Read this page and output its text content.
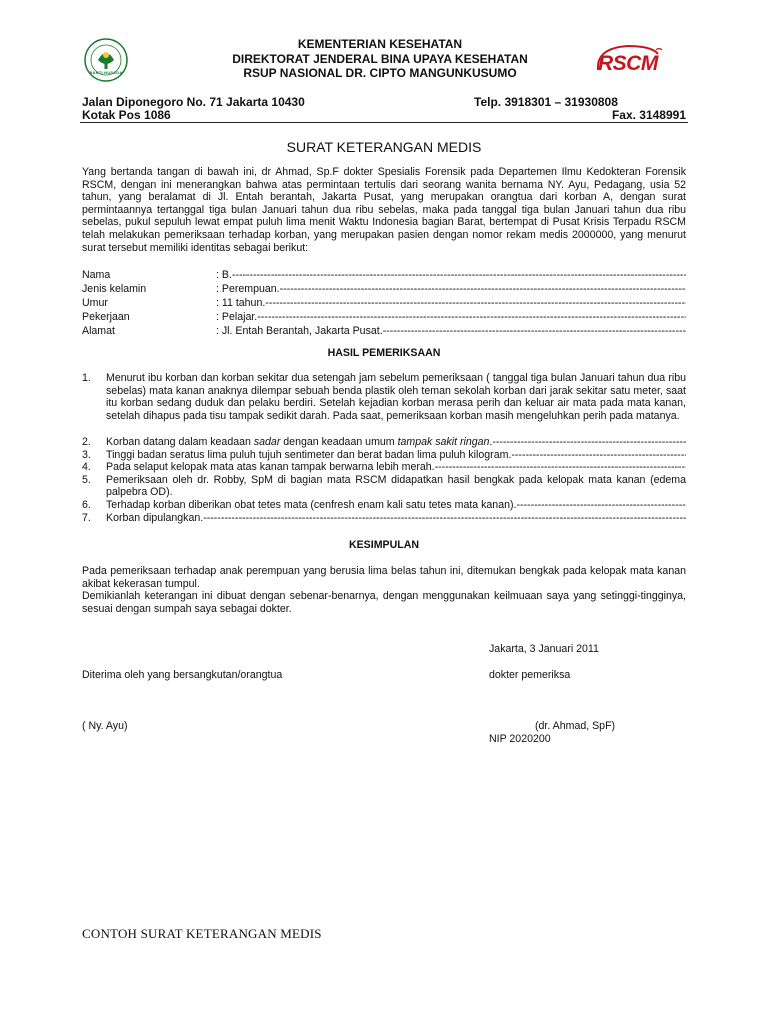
BAKTI HUSADA	RSCM
KEMENTERIAN KESEHATAN
DIREKTORAT JENDERAL BINA UPAYA KESEHATAN
RSUP NASIONAL DR. CIPTO MANGUNKUSUMO
Jalan Diponegoro No. 71 Jakarta 10430
Kotak Pos 1086
Telp. 3918301 – 31930808
Fax. 3148991
SURAT KETERANGAN MEDIS
Yang bertanda tangan di bawah ini, dr Ahmad, Sp.F dokter Spesialis Forensik pada Departemen Ilmu Kedokteran Forensik RSCM, dengan ini menerangkan bahwa atas permintaan tertulis dari seorang wanita bernama NY. Ayu, Pedagang, usia 52 tahun, yang beralamat di Jl. Entah berantah, Jakarta Pusat, yang merupakan orangtua dari korban A, dengan surat permintaannya tertanggal tiga bulan Januari tahun dua ribu sebelas, maka pada tanggal tiga bulan Januari tahun dua ribu sebelas, pukul sepuluh lewat empat puluh lima menit Waktu Indonesia bagian Barat, bertempat di Pusat Krisis Terpadu RSCM telah melakukan pemeriksaan terhadap korban, yang merupakan pasien dengan nomor rekam medis 2000000, yang menurut surat tersebut memiliki identitas sebagai berikut:
Nama	: B.
-----
Jenis kelamin	: Perempuan.
-----
Umur	: 11 tahun.
-----
Pekerjaan	: Pelajar.
-----
Alamat	: Jl. Entah Berantah, Jakarta Pusat.
-----
HASIL PEMERIKSAAN
1.	Menurut ibu korban dan korban sekitar dua setengah jam sebelum pemeriksaan ( tanggal tiga bulan Januari tahun dua ribu sebelas) mata kanan anaknya dilempar sebuah benda plastik oleh teman sekolah korban dari jarak sekitar satu meter, saat itu korban sedang duduk dan pelaku berdiri. Setelah kejadian korban merasa perih dan keluar air mata pada mata kanan, setelah dihapus pada tisu tampak sedikit darah. Pada saat, pemeriksaan korban masih mengeluhkan perih pada matanya.
2.	Korban datang dalam keadaan sadar dengan keadaan umum tampak sakit ringan.
-----
3.	Tinggi badan seratus lima puluh tujuh sentimeter dan berat badan lima puluh kilogram.
-----
4.	Pada selaput kelopak mata atas kanan tampak berwarna lebih merah.
-----
5.	Pemeriksaan oleh dr. Robby, SpM di bagian mata RSCM didapatkan hasil bengkak pada kelopak mata kanan (edema palpebra OD).
6.	Terhadap korban diberikan obat tetes mata (cenfresh enam kali satu tetes mata kanan).
-----
7.	Korban dipulangkan.
-----
KESIMPULAN
Pada pemeriksaan terhadap anak perempuan yang berusia lima belas tahun ini, ditemukan bengkak pada kelopak mata kanan akibat kekerasan tumpul.
Demikianlah keterangan ini dibuat dengan sebenar-benarnya, dengan menggunakan keilmuaan saya yang setinggi-tingginya, sesuai dengan sumpah saya sebagai dokter.
Jakarta, 3 Januari 2011
Diterima oleh yang bersangkutan/orangtua	dokter pemeriksa
( Ny. Ayu)	(dr. Ahmad, SpF)
NIP 2020200
CONTOH SURAT KETERANGAN MEDIS
